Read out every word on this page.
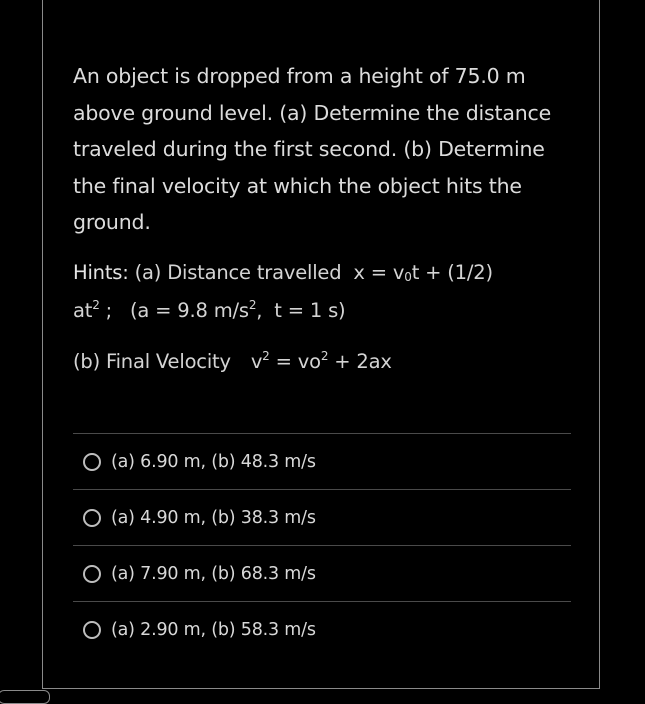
An object is dropped from a height of 75.0 m above ground level. (a) Determine the distance traveled during the first second. (b) Determine the final velocity at which the object hits the ground.
Hints: (a) Distance travelled $x = v_0t + (1/2)$
$at^2$ ;   (a = 9.8 $m/s^2$,  t = 1 s)
(b) Final Velocity $v^2 = vo^2 + 2ax$
(a) 6.90 m, (b) 48.3 m/s
(a) 4.90 m, (b) 38.3 m/s
(a) 7.90 m, (b) 68.3 m/s
(a) 2.90 m, (b) 58.3 m/s
